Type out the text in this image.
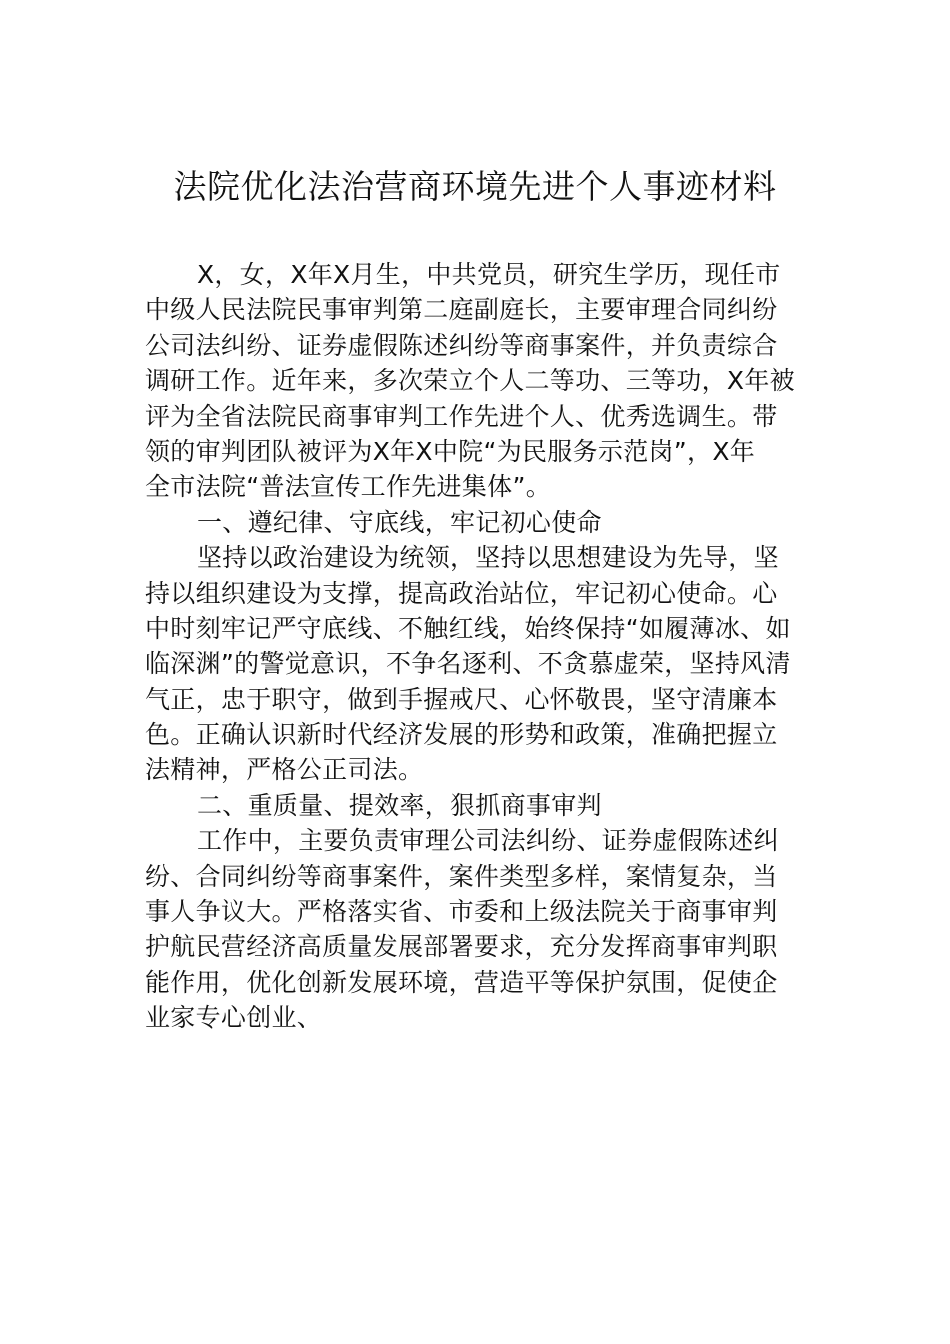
法院优化法治营商环境先进个人事迹材料
X，女，X年X月生，中共党员，研究生学历，现任市
中级人民法院民事审判第二庭副庭长，主要审理合同纠纷
公司法纠纷、证券虚假陈述纠纷等商事案件，并负责综合
调研工作。近年来，多次荣立个人二等功、三等功，X年被
评为全省法院民商事审判工作先进个人、优秀选调生。带
领的审判团队被评为X年X中院“为民服务示范岗”，X年
全市法院“普法宣传工作先进集体”。
一、遵纪律、守底线，牢记初心使命
坚持以政治建设为统领，坚持以思想建设为先导，坚
持以组织建设为支撑，提高政治站位，牢记初心使命。心
中时刻牢记严守底线、不触红线，始终保持“如履薄冰、如
临深渊”的警觉意识，不争名逐利、不贪慕虚荣，坚持风清
气正，忠于职守，做到手握戒尺、心怀敬畏，坚守清廉本
色。正确认识新时代经济发展的形势和政策，准确把握立
法精神，严格公正司法。
二、重质量、提效率，狠抓商事审判
工作中，主要负责审理公司法纠纷、证券虚假陈述纠
纷、合同纠纷等商事案件，案件类型多样，案情复杂，当
事人争议大。严格落实省、市委和上级法院关于商事审判
护航民营经济高质量发展部署要求，充分发挥商事审判职
能作用，优化创新发展环境，营造平等保护氛围，促使企
业家专心创业、
